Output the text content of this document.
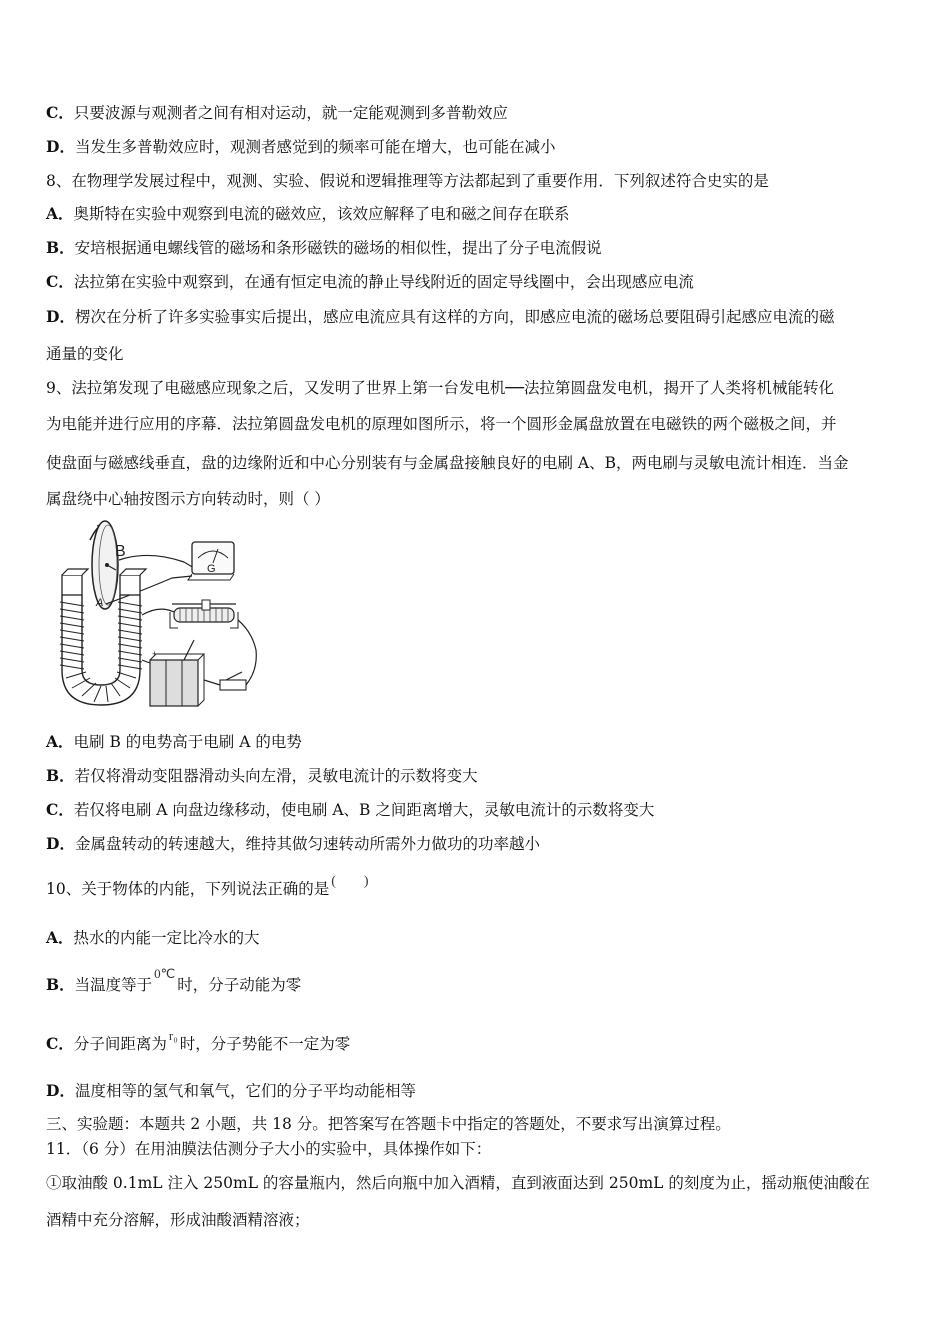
C．只要波源与观测者之间有相对运动，就一定能观测到多普勒效应
D．当发生多普勒效应时，观测者感觉到的频率可能在增大，也可能在减小
8、在物理学发展过程中，观测、实验、假说和逻辑推理等方法都起到了重要作用．下列叙述符合史实的是
A．奥斯特在实验中观察到电流的磁效应，该效应解释了电和磁之间存在联系
B．安培根据通电螺线管的磁场和条形磁铁的磁场的相似性，提出了分子电流假说
C．法拉第在实验中观察到，在通有恒定电流的静止导线附近的固定导线圈中，会出现感应电流
D．楞次在分析了许多实验事实后提出，感应电流应具有这样的方向，即感应电流的磁场总要阻碍引起感应电流的磁
通量的变化
9、法拉第发现了电磁感应现象之后，又发明了世界上第一台发电机──法拉第圆盘发电机，揭开了人类将机械能转化
为电能并进行应用的序幕．法拉第圆盘发电机的原理如图所示，将一个圆形金属盘放置在电磁铁的两个磁极之间，并
使盘面与磁感线垂直，盘的边缘附近和中心分别装有与金属盘接触良好的电刷 A、B，两电刷与灵敏电流计相连．当金
属盘绕中心轴按图示方向转动时，则（ ）
B
A
G
+
A．电刷 B 的电势高于电刷 A 的电势
B．若仅将滑动变阻器滑动头向左滑，灵敏电流计的示数将变大
C．若仅将电刷 A 向盘边缘移动，使电刷 A、B 之间距离增大，灵敏电流计的示数将变大
D．金属盘转动的转速越大，维持其做匀速转动所需外力做功的功率越小
10、关于物体的内能，下列说法正确的是 (　　)
A．热水的内能一定比冷水的大
B．当温度等于$^{0℃}$时，分子动能为零
C．分子间距离为 $^{r_0}$ 时，分子势能不一定为零
D．温度相等的氢气和氧气，它们的分子平均动能相等
三、实验题：本题共 2 小题，共 18 分。把答案写在答题卡中指定的答题处，不要求写出演算过程。
11．（6 分）在用油膜法估测分子大小的实验中，具体操作如下：
①取油酸 0.1mL 注入 250mL 的容量瓶内，然后向瓶中加入酒精，直到液面达到 250mL 的刻度为止，摇动瓶使油酸在
酒精中充分溶解，形成油酸酒精溶液；
